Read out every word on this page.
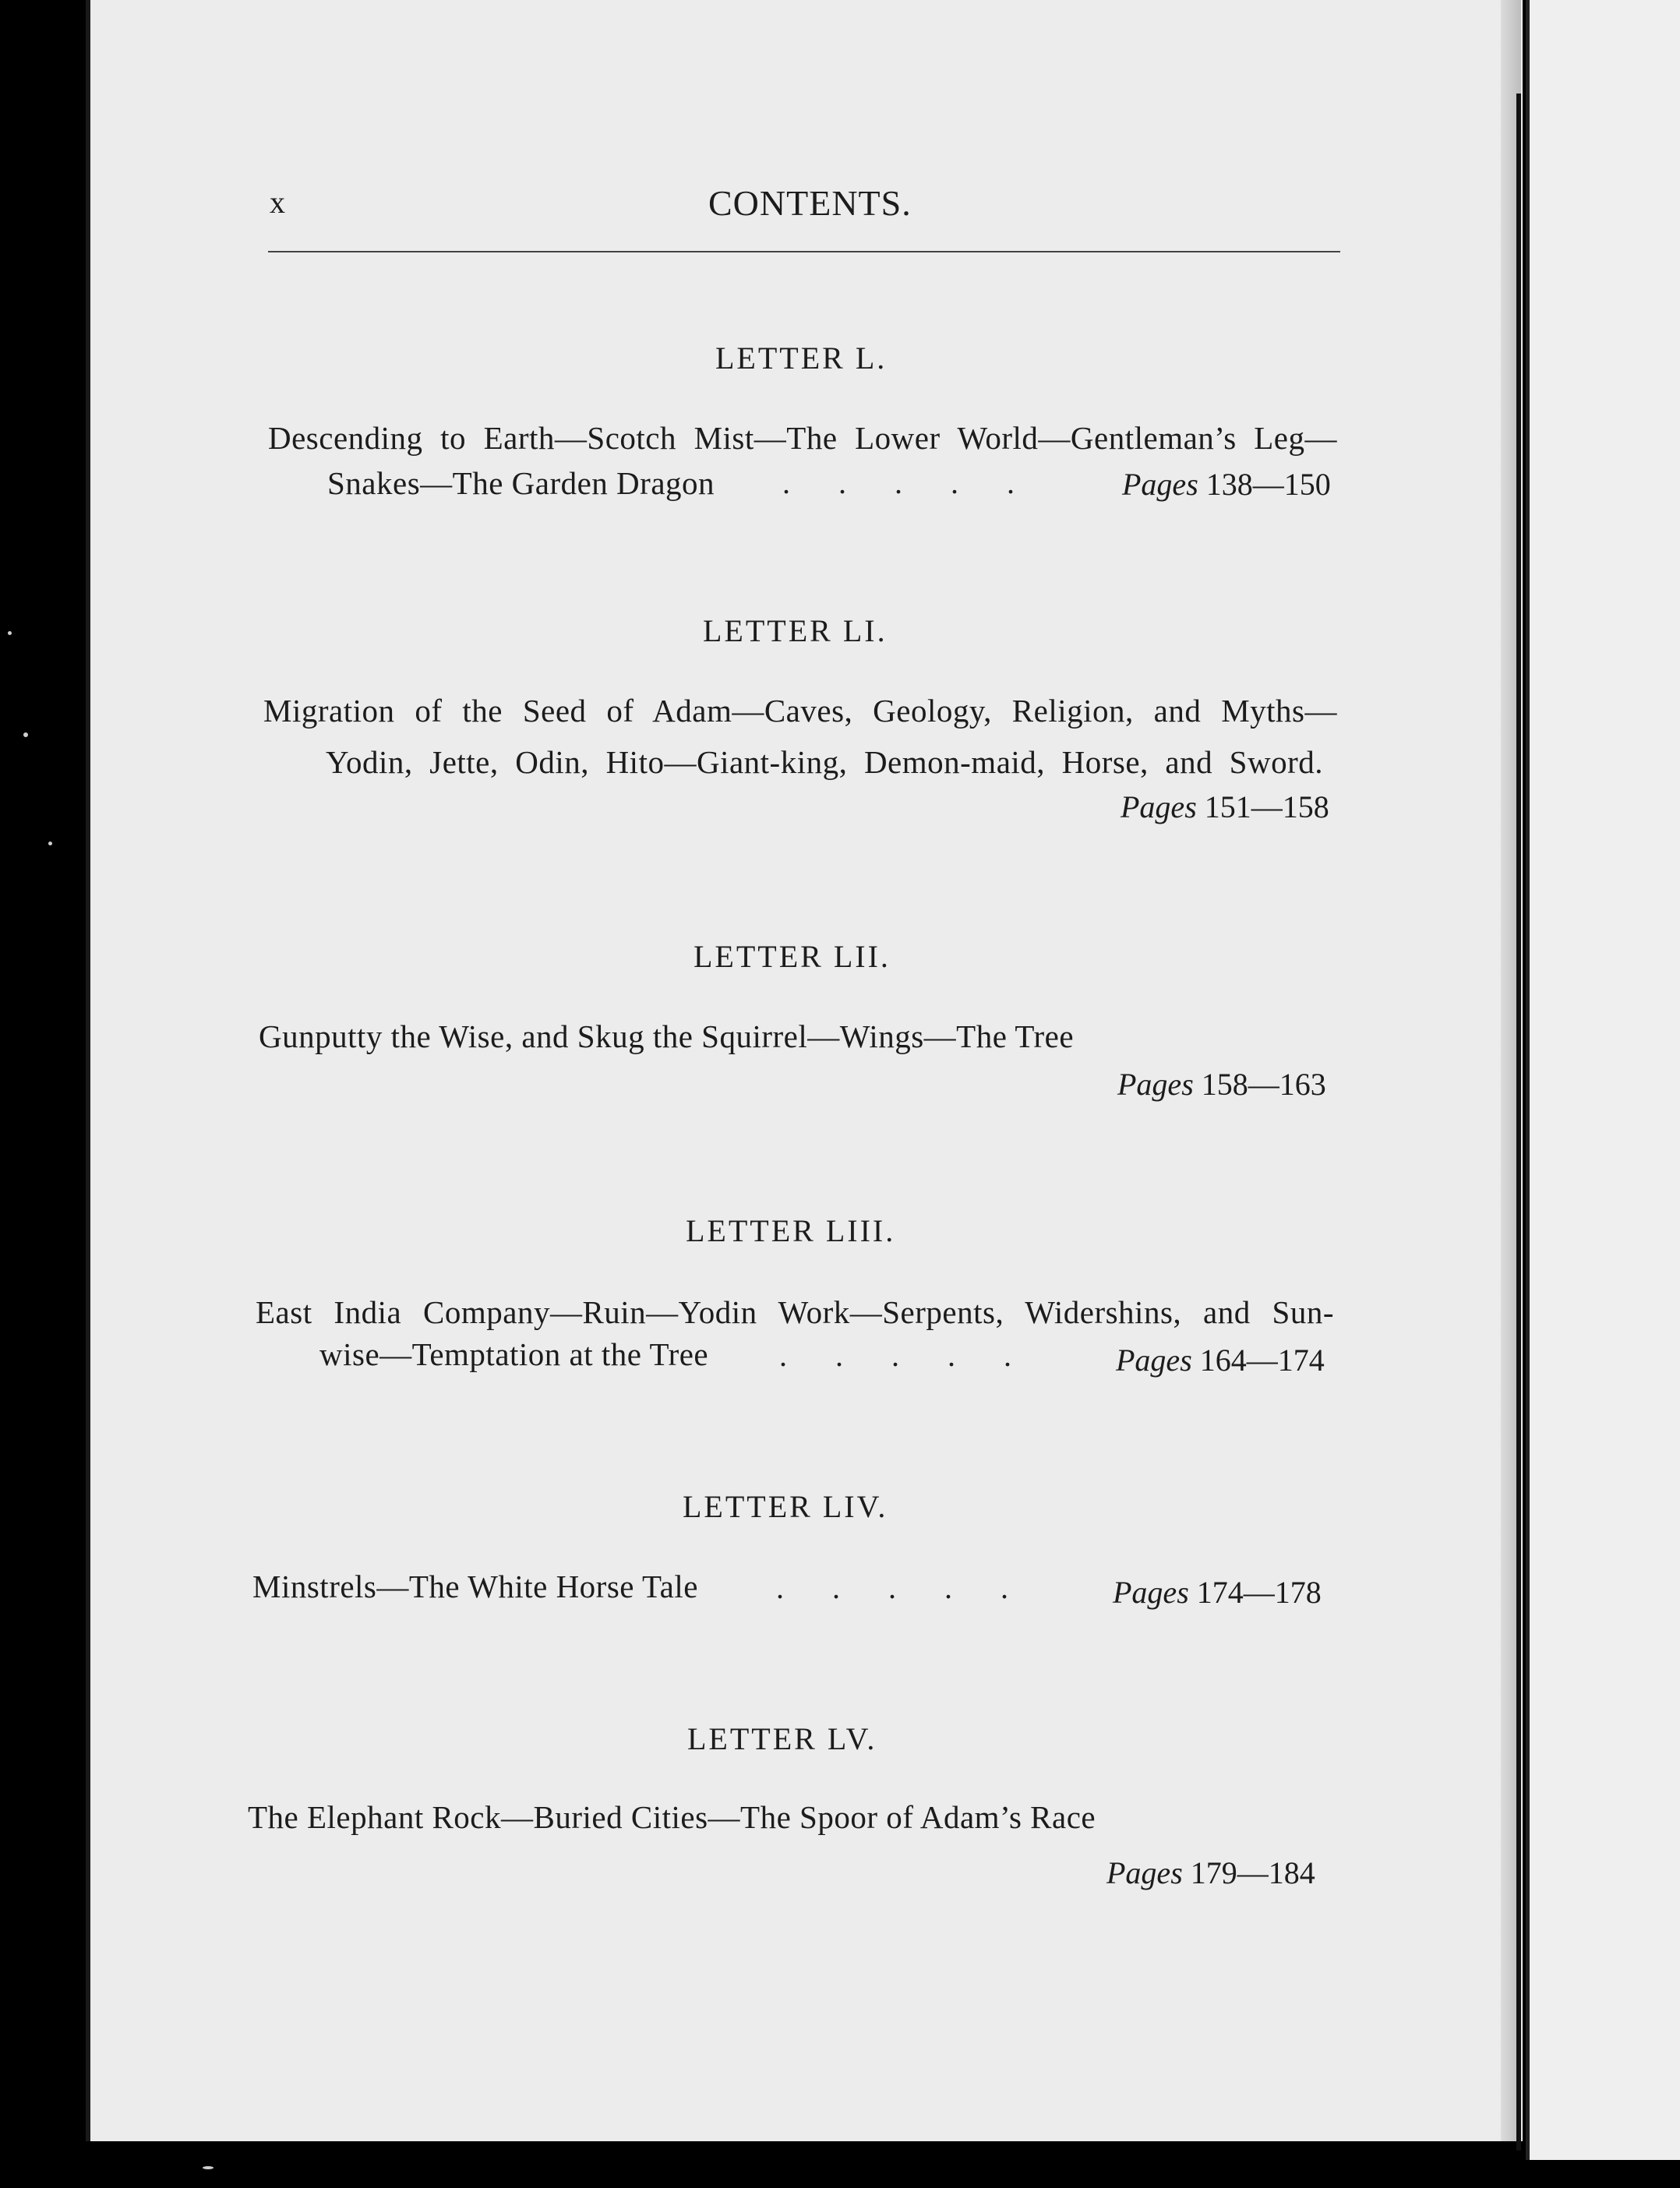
x	CONTENTS.
LETTER L.
Descending to Earth—Scotch Mist—The Lower World—Gentleman’s Leg—
Snakes—The Garden Dragon . . . . .	Pages 138—150
LETTER LI.
Migration of the Seed of Adam—Caves, Geology, Religion, and Myths—
Yodin, Jette, Odin, Hito—Giant-king, Demon-maid, Horse, and Sword.
Pages 151—158
LETTER LII.
Gunputty the Wise, and Skug the Squirrel—Wings—The Tree
Pages 158—163
LETTER LIII.
East India Company—Ruin—Yodin Work—Serpents, Widershins, and Sun-
wise—Temptation at the Tree . . . . .	Pages 164—174
LETTER LIV.
Minstrels—The White Horse Tale	. . . . .	Pages 174—178
LETTER LV.
The Elephant Rock—Buried Cities—The Spoor of Adam’s Race
Pages 179—184
